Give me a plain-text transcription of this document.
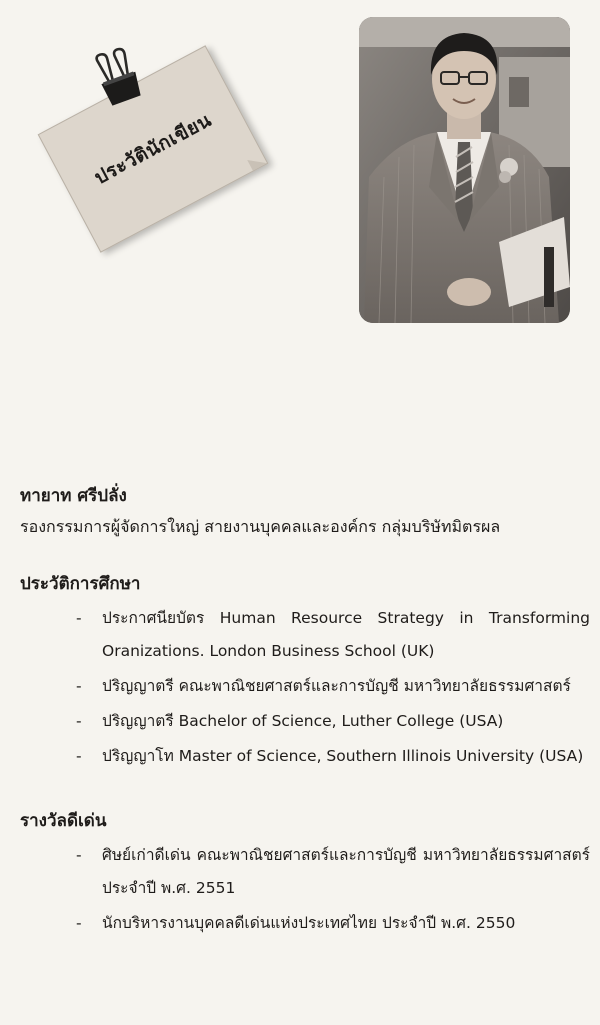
ประวัตินักเขียน

ทายาท ศรีปลั่ง

รองกรรมการผู้จัดการใหญ่ สายงานบุคคลและองค์กร กลุ่มบริษัทมิตรผล

ประวัติการศึกษา

- ประกาศนียบัตร Human Resource Strategy in Transforming Oranizations. London Business School (UK)
- ปริญญาตรี คณะพาณิชยศาสตร์และการบัญชี มหาวิทยาลัยธรรมศาสตร์
- ปริญญาตรี Bachelor of Science, Luther College (USA)
- ปริญญาโท Master of Science, Southern Illinois University (USA)

รางวัลดีเด่น

- ศิษย์เก่าดีเด่น คณะพาณิชยศาสตร์และการบัญชี มหาวิทยาลัยธรรมศาสตร์ ประจำปี พ.ศ. 2551
- นักบริหารงานบุคคลดีเด่นแห่งประเทศไทย ประจำปี พ.ศ. 2550
